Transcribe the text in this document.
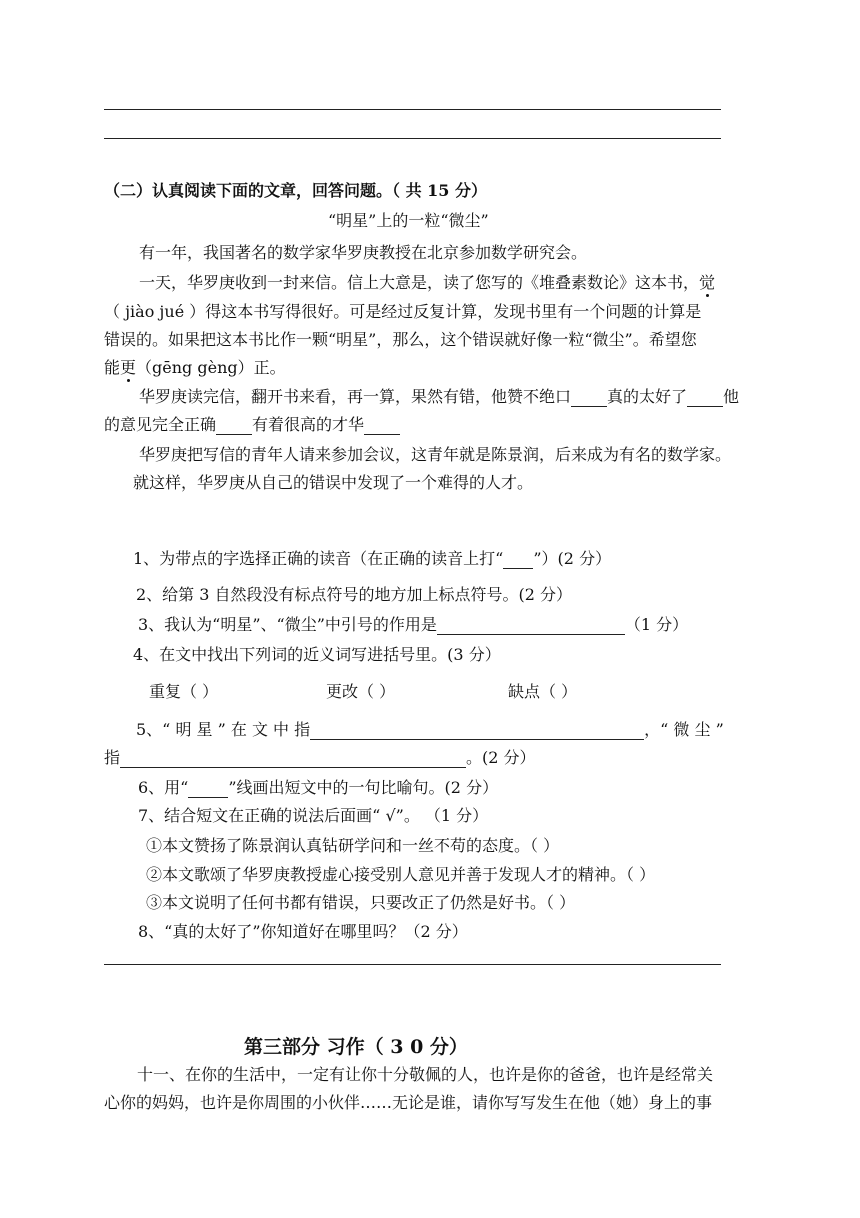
（二）认真阅读下面的文章，回答问题。（ 共 15 分）
“明星”上的一粒“微尘”
有一年，我国著名的数学家华罗庚教授在北京参加数学研究会。
一天，华罗庚收到一封来信。信上大意是，读了您写的《堆叠素数论》这本书，觉
（ jiào jué ）得这本书写得很好。可是经过反复计算，发现书里有一个问题的计算是
错误的。如果把这本书比作一颗“明星”，那么，这个错误就好像一粒“微尘”。希望您
能更（gēng gèng）正。
华罗庚读完信，翻开书来看，再一算，果然有错，他赞不绝口 真的太好了 他
的意见完全正确 有着很高的才华
华罗庚把写信的青年人请来参加会议，这青年就是陈景润，后来成为有名的数学家。
就这样，华罗庚从自己的错误中发现了一个难得的人才。
1、为带点的字选择正确的读音（在正确的读音上打“ ”）(2 分）
2、给第 3 自然段没有标点符号的地方加上标点符号。(2 分）
3、我认为“明星”、“微尘”中引号的作用是	（1 分）
4、在文中找出下列词的近义词写进括号里。(3 分）
重复（ ）	更改（ ）	缺点（ ）
5、“ 明 星 ” 在 文 中 指	，“ 微 尘 ”
指	。(2 分）
6、用“	”线画出短文中的一句比喻句。(2 分）
7、结合短文在正确的说法后面画“ √”。 （1 分）
①本文赞扬了陈景润认真钻研学问和一丝不苟的态度。（ ）
②本文歌颂了华罗庚教授虚心接受别人意见并善于发现人才的精神。（ ）
③本文说明了任何书都有错误，只要改正了仍然是好书。（ ）
8、“真的太好了”你知道好在哪里吗？（2 分）
第三部分 习作（ 3 0 分）
十一、在你的生活中，一定有让你十分敬佩的人，也许是你的爸爸，也许是经常关
心你的妈妈，也许是你周围的小伙伴……无论是谁，请你写写发生在他（她）身上的事
